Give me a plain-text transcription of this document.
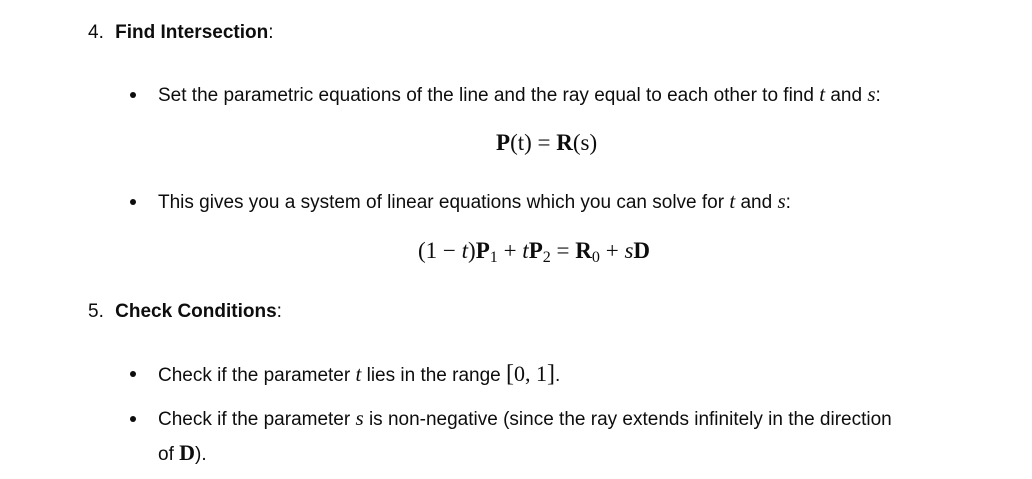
4. Find Intersection:
Set the parametric equations of the line and the ray equal to each other to find t and s:
P(t) = R(s)
This gives you a system of linear equations which you can solve for t and s:
$(1 - t)P_1 + tP_2 = R_0$ + sD
5. Check Conditions:
Check if the parameter t lies in the range [0, 1].
Check if the parameter s is non-negative (since the ray extends infinitely in the direction
of D).
